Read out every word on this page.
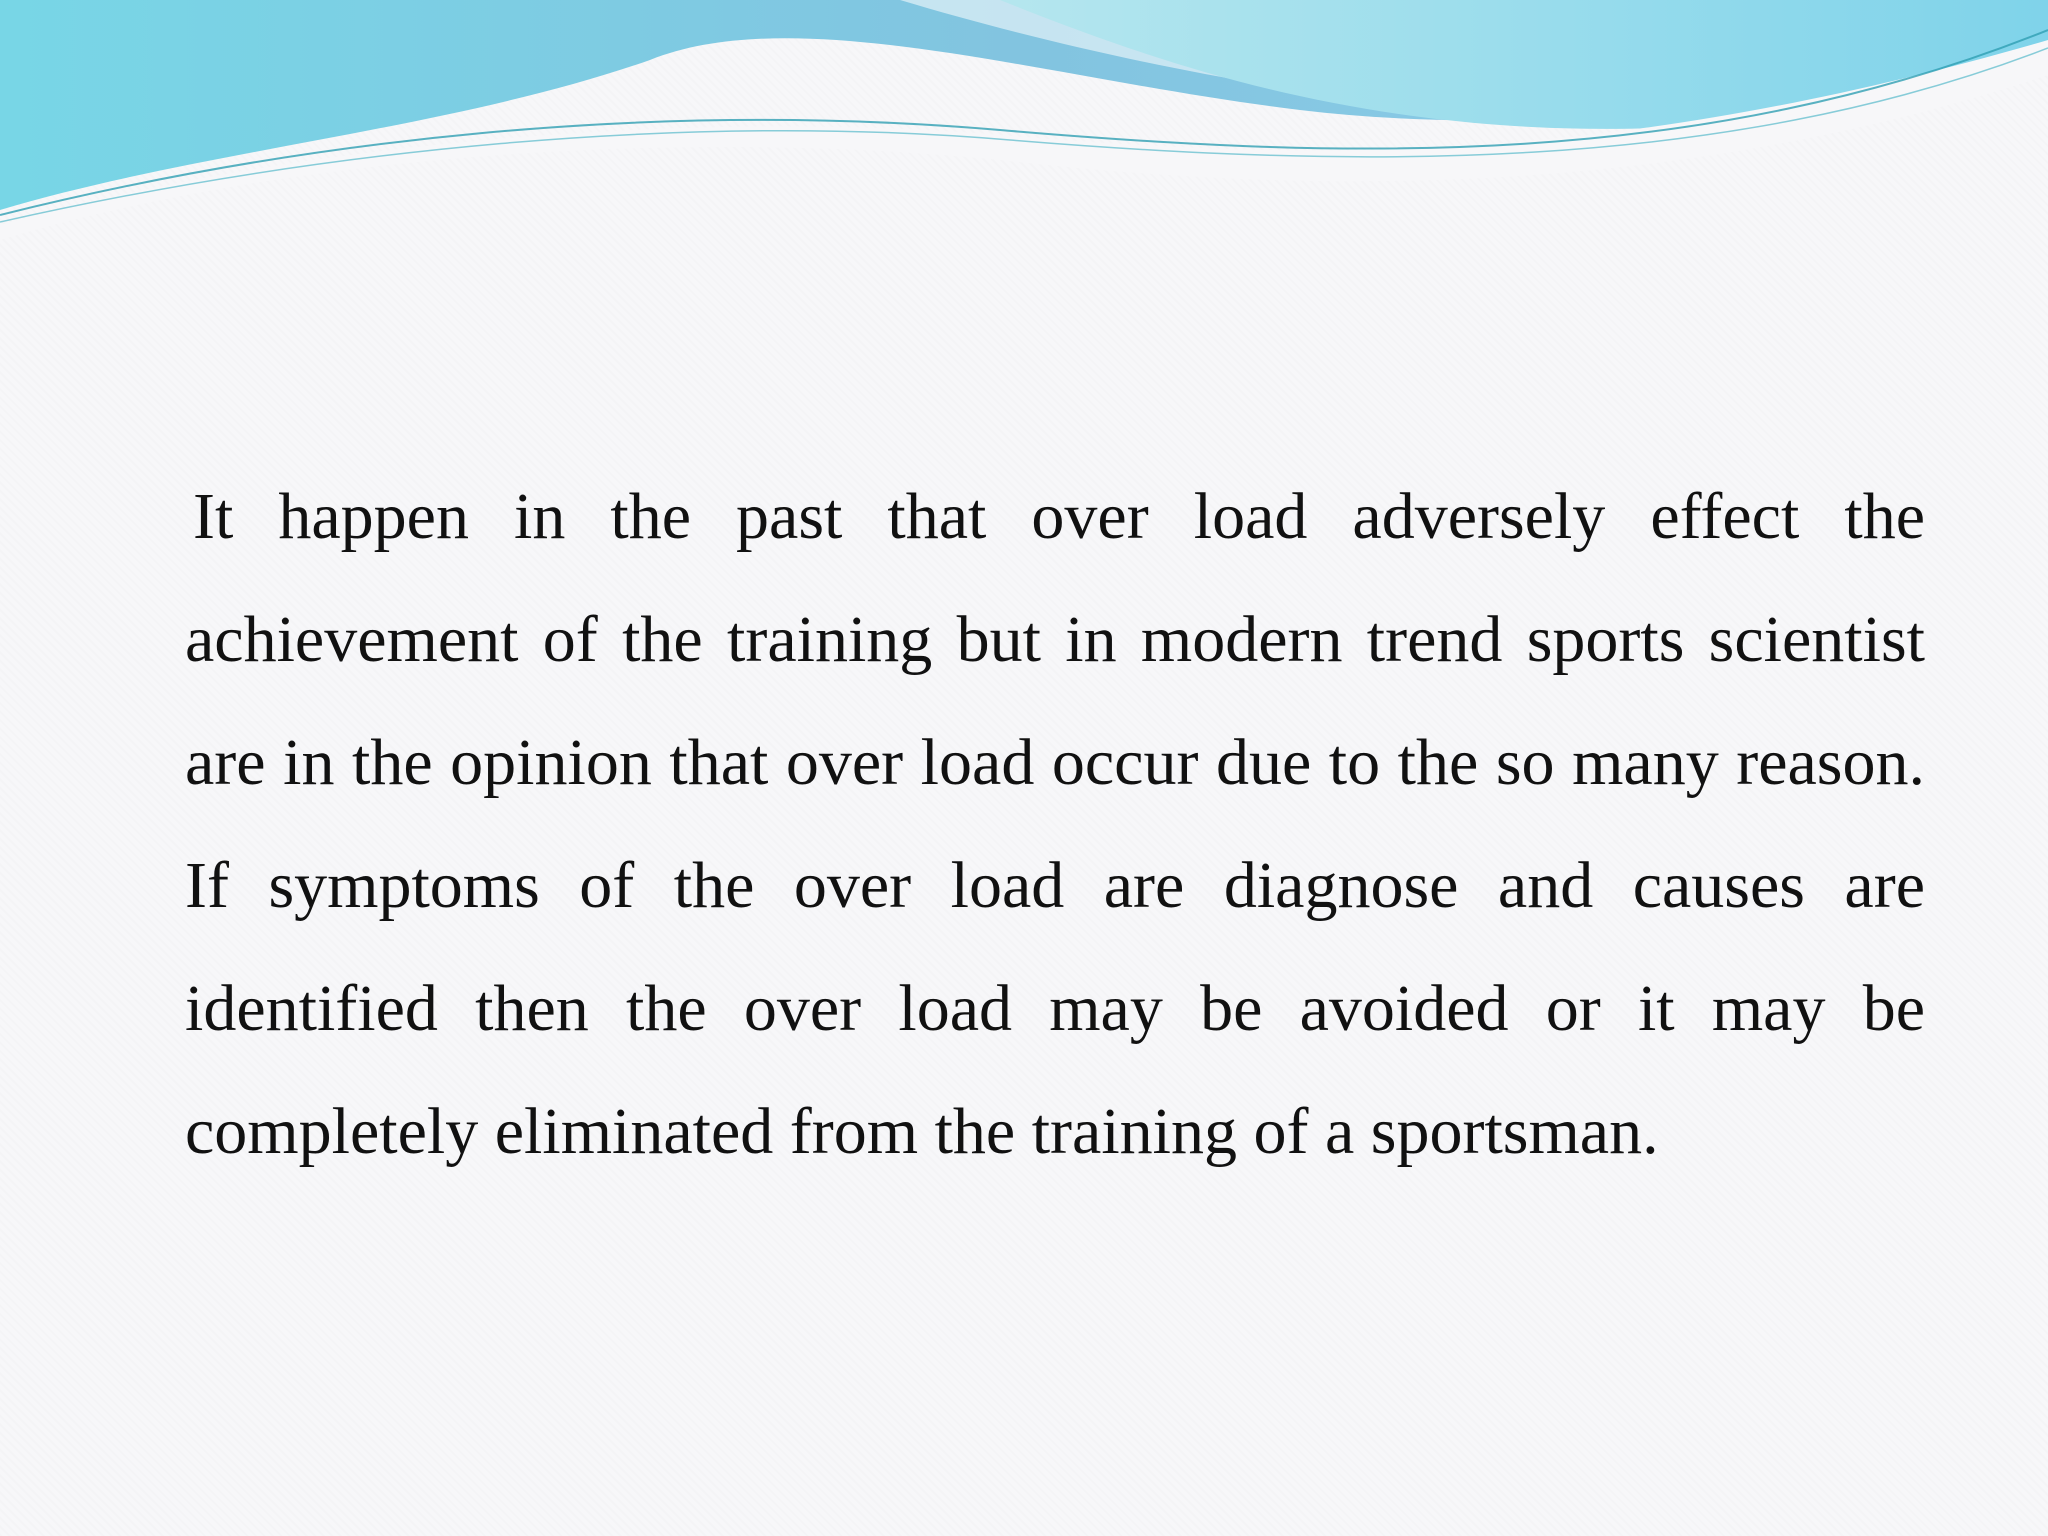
It happen in the past that over load adversely effect the achievement of the training but in modern trend sports scientist are in the opinion that over load occur due to the so many reason. If symptoms of the over load are diagnose and causes are identified then the over load may be avoided or it may be completely eliminated from the training of a sportsman.
